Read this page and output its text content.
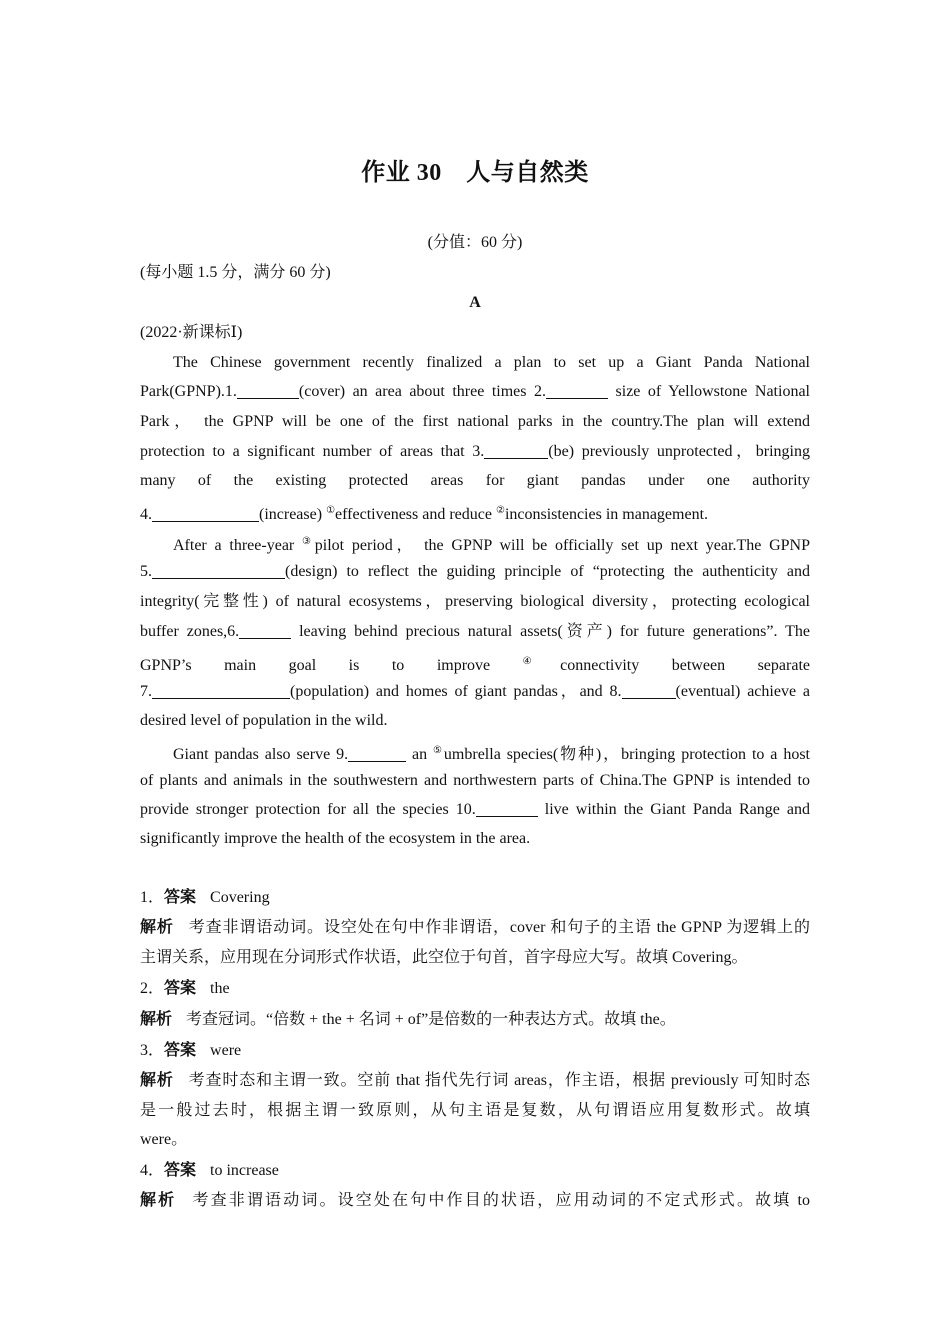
作业 30　人与自然类
(分值：60 分)
(每小题 1.5 分，满分 60 分)
A
(2022·新课标Ⅰ)
The Chinese government recently finalized a plan to set up a Giant Panda National
Park(GPNP).1.	(cover) an area about three times 2.	size of Yellowstone National
Park， the GPNP will be one of the first national parks in the country.The plan will extend
protection to a significant number of areas that 3.	(be) previously unprotected，bringing
many of the existing protected areas for giant pandas under one authority
4.	(increase) ①effectiveness and reduce ②inconsistencies in management.
After a three-year ③pilot period， the GPNP will be officially set up next year.The GPNP
5.	(design) to reflect the guiding principle of “protecting the authenticity and
integrity(完整性) of natural ecosystems，preserving biological diversity，protecting ecological
buffer zones,6.	leaving behind precious natural assets(资产) for future generations”. The
GPNP’s main goal is to improve ④connectivity between separate
7.	(population) and homes of giant pandas，and 8.	(eventual) achieve a
desired level of population in the wild.
Giant pandas also serve 9.	an ⑤umbrella species(物种)，bringing protection to a host
of plants and animals in the southwestern and northwestern parts of China.The GPNP is intended to
provide stronger protection for all the species 10.	live within the Giant Panda Range and
significantly improve the health of the ecosystem in the area.
1．答案 Covering
解析 考查非谓语动词。设空处在句中作非谓语，cover 和句子的主语 the GPNP 为逻辑上的
主谓关系，应用现在分词形式作状语，此空位于句首，首字母应大写。故填 Covering。
2．答案 the
解析 考查冠词。“倍数 + the + 名词 + of”是倍数的一种表达方式。故填 the。
3．答案 were
解析 考查时态和主谓一致。空前 that 指代先行词 areas，作主语，根据 previously 可知时态
是一般过去时，根据主谓一致原则，从句主语是复数，从句谓语应用复数形式。故填
were。
4．答案 to increase
解析 考查非谓语动词。设空处在句中作目的状语，应用动词的不定式形式。故填 to
